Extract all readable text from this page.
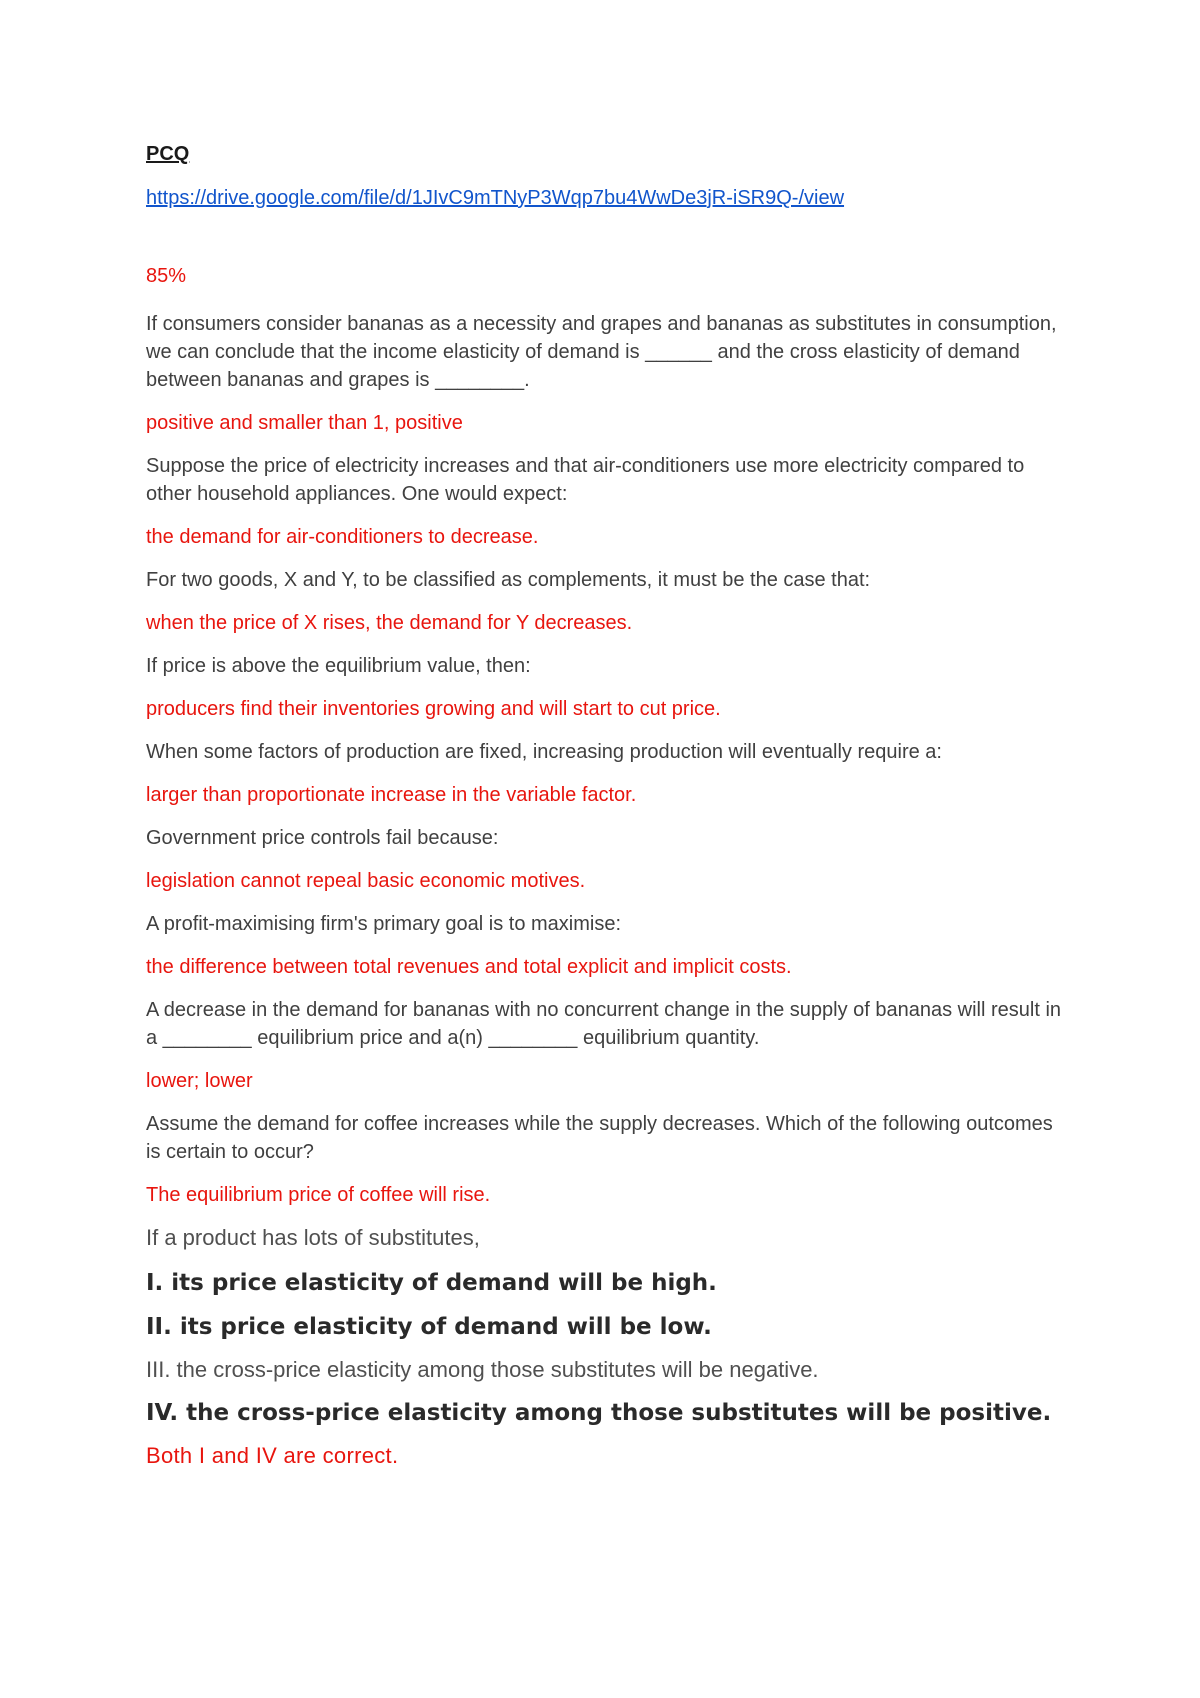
PCQ

https://drive.google.com/file/d/1JIvC9mTNyP3Wqp7bu4WwDe3jR-iSR9Q-/view

85%

If consumers consider bananas as a necessity and grapes and bananas as substitutes in consumption, we can conclude that the income elasticity of demand is ______ and the cross elasticity of demand between bananas and grapes is ________.

positive and smaller than 1, positive

Suppose the price of electricity increases and that air-conditioners use more electricity compared to other household appliances. One would expect:

the demand for air-conditioners to decrease.

For two goods, X and Y, to be classified as complements, it must be the case that:

when the price of X rises, the demand for Y decreases.

If price is above the equilibrium value, then:

producers find their inventories growing and will start to cut price.

When some factors of production are fixed, increasing production will eventually require a:

larger than proportionate increase in the variable factor.

Government price controls fail because:

legislation cannot repeal basic economic motives.

A profit-maximising firm's primary goal is to maximise:

the difference between total revenues and total explicit and implicit costs.

A decrease in the demand for bananas with no concurrent change in the supply of bananas will result in a ________ equilibrium price and a(n) ________ equilibrium quantity.

lower; lower

Assume the demand for coffee increases while the supply decreases. Which of the following outcomes is certain to occur?

The equilibrium price of coffee will rise.

If a product has lots of substitutes,

I. its price elasticity of demand will be high.

II. its price elasticity of demand will be low.

III. the cross-price elasticity among those substitutes will be negative.

IV. the cross-price elasticity among those substitutes will be positive.

Both I and IV are correct.
